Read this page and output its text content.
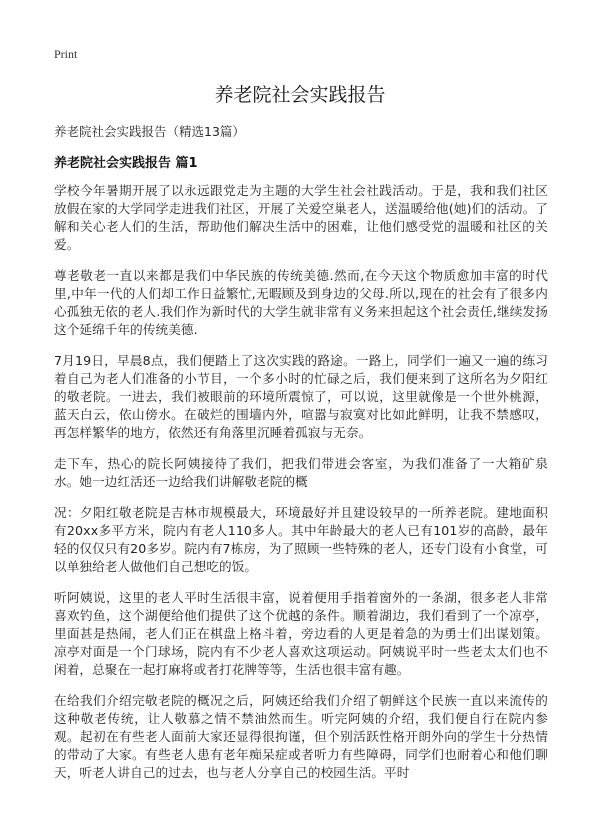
Print
养老院社会实践报告
养老院社会实践报告（精选13篇）
养老院社会实践报告 篇1

学校今年暑期开展了以永远跟党走为主题的大学生社会社践活动。于是，我和我们社区放假在家的大学同学走进我们社区，开展了关爱空巢老人，送温暖给他(她)们的活动。了解和关心老人们的生活，帮助他们解决生活中的困难，让他们感受党的温暖和社区的关爱。

尊老敬老一直以来都是我们中华民族的传统美德.然而,在今天这个物质愈加丰富的时代里,中年一代的人们却工作日益繁忙,无暇顾及到身边的父母.所以,现在的社会有了很多内心孤独无依的老人.我们作为新时代的大学生就非常有义务来担起这个社会责任,继续发扬这个延绵千年的传统美德.

7月19日，早晨8点，我们便踏上了这次实践的路途。一路上，同学们一遍又一遍的练习着自己为老人们准备的小节目，一个多小时的忙碌之后，我们便来到了这所名为夕阳红的敬老院。一进去，我们被眼前的环境所震惊了，可以说，这里就像是一个世外桃源，蓝天白云，依山傍水。在破烂的围墙内外，喧嚣与寂寞对比如此鲜明，让我不禁感叹，再怎样繁华的地方，依然还有角落里沉睡着孤寂与无奈。

走下车，热心的院长阿姨接待了我们，把我们带进会客室，为我们准备了一大箱矿泉水。她一边红活还一边给我们讲解敬老院的概

况：夕阳红敬老院是吉林市规模最大，环境最好并且建设较早的一所养老院。建地面积有20xx多平方米，院内有老人110多人。其中年龄最大的老人已有101岁的高龄，最年轻的仅仅只有20多岁。院内有7栋房，为了照顾一些特殊的老人，还专门设有小食堂，可以单独给老人做他们自己想吃的饭。

听阿姨说，这里的老人平时生活很丰富，说着便用手指着窗外的一条湖，很多老人非常喜欢钓鱼，这个湖便给他们提供了这个优越的条件。顺着湖边，我们看到了一个凉亭，里面甚是热闹，老人们正在棋盘上格斗着，旁边看的人更是着急的为勇士们出谋划策。凉亭对面是一个门球场，院内有不少老人喜欢这项运动。阿姨说平时一些老太太们也不闲着，总聚在一起打麻将或者打花牌等等，生活也很丰富有趣。

在给我们介绍完敬老院的概况之后，阿姨还给我们介绍了朝鲜这个民族一直以来流传的这种敬老传统，让人敬慕之情不禁油然而生。听完阿姨的介绍，我们便自行在院内参观。起初在有些老人面前大家还显得很拘谨，但个别活跃性格开朗外向的学生十分热情的带动了大家。有些老人患有老年痴呆症或者听力有些障碍，同学们也耐着心和他们聊天，听老人讲自己的过去，也与老人分享自己的校园生活。平时
